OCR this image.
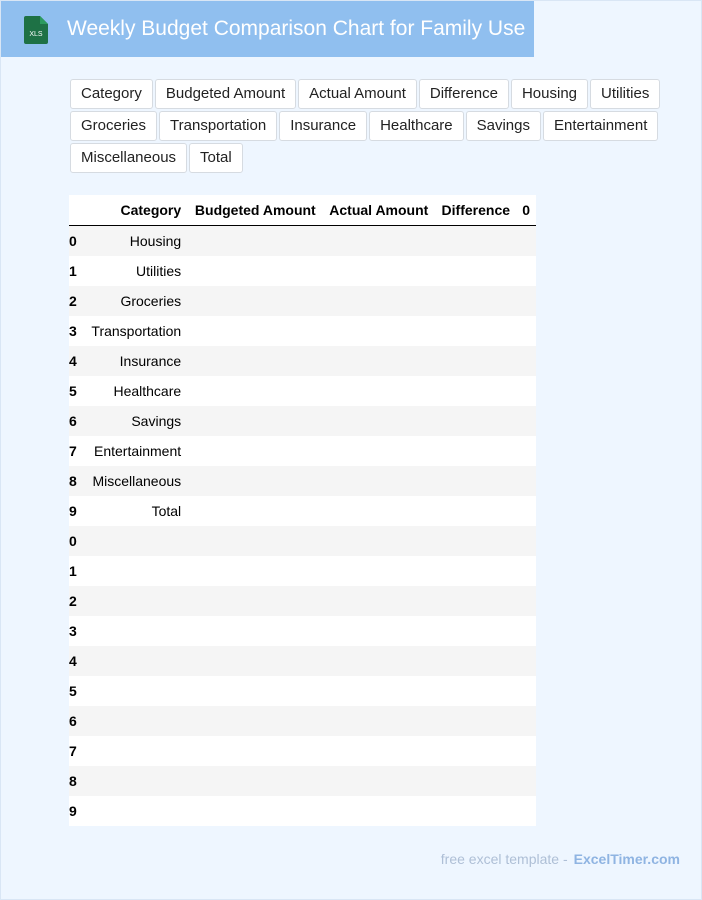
XLS Weekly Budget Comparison Chart for Family Use
Category	Budgeted Amount	Actual Amount	Difference	Housing	Utilities
Groceries	Transportation	Insurance	Healthcare	Savings	Entertainment
Miscellaneous	Total
	Category	Budgeted Amount	Actual Amount	Difference	0
0	Housing				
1	Utilities				
2	Groceries				
3	Transportation				
4	Insurance				
5	Healthcare				
6	Savings				
7	Entertainment				
8	Miscellaneous				
9	Total				
0					
1					
2					
3					
4					
5					
6					
7					
8					
9					
free excel template - ExcelTimer.com
